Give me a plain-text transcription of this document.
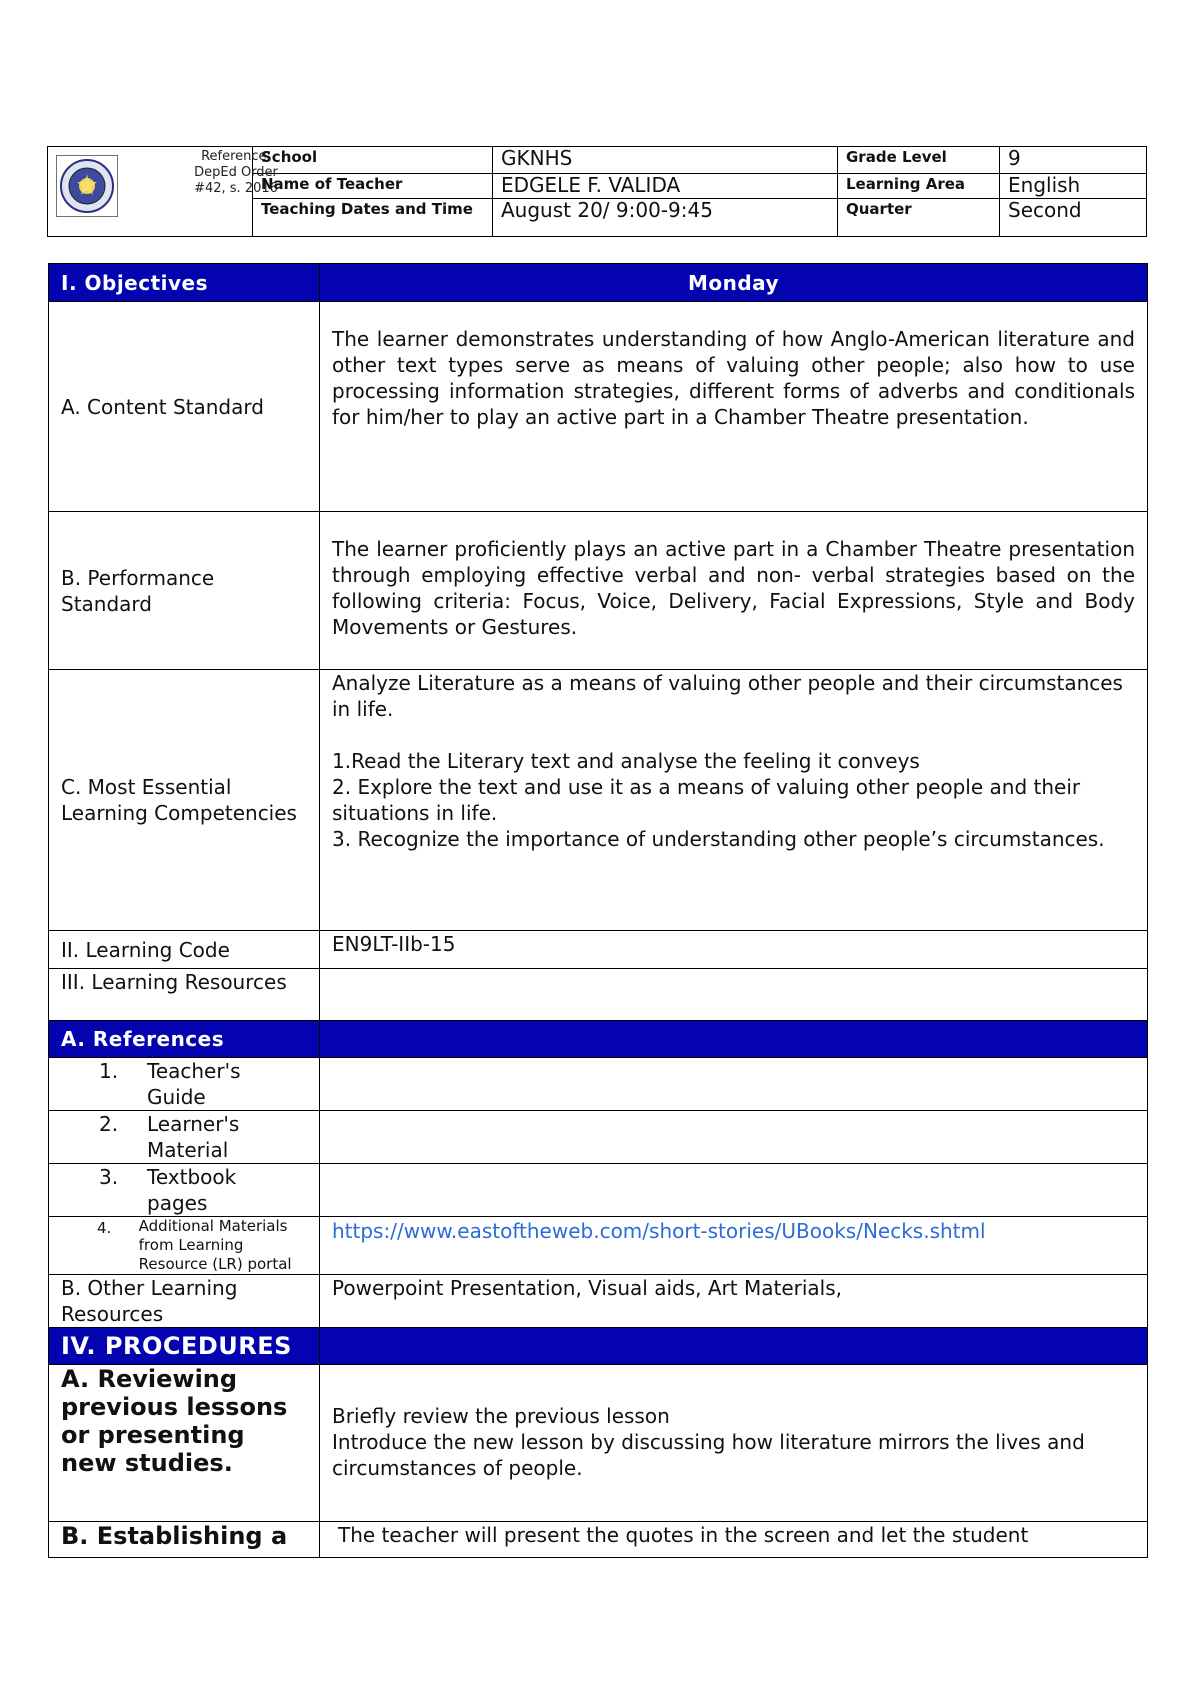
Reference:
DepEd Order
#42, s. 2016	School	GKNHS	Grade Level	9
	Name of Teacher	EDGELE F. VALIDA	Learning Area	English
	Teaching Dates and Time	August 20/ 9:00-9:45	Quarter	Second
I. Objectives	Monday
A. Content Standard	The learner demonstrates understanding of how Anglo-American literature and other text types serve as means of valuing other people; also how to use processing information strategies, different forms of adverbs and conditionals for him/her to play an active part in a Chamber Theatre presentation.
B. Performance Standard	The learner proficiently plays an active part in a Chamber Theatre presentation through employing effective verbal and non- verbal strategies based on the following criteria: Focus, Voice, Delivery, Facial Expressions, Style and Body Movements or Gestures.
C. Most Essential Learning Competencies	Analyze Literature as a means of valuing other people and their circumstances in life.
1.Read the Literary text and analyse the feeling it conveys
2. Explore the text and use it as a means of valuing other people and their situations in life.
3. Recognize the importance of understanding other people’s circumstances.

II. Learning Code	EN9LT-IIb-15
III. Learning Resources	
A. References	

1. Teacher's Guide	

2. Learner's Material	

3. Textbook pages	

4. Additional Materials from Learning Resource (LR) portal	https://www.eastoftheweb.com/short-stories/UBooks/Necks.shtml
B. Other Learning Resources	Powerpoint Presentation, Visual aids, Art Materials,
IV. PROCEDURES	
A. Reviewing previous lessons or presenting new studies.	Briefly review the previous lesson
Introduce the new lesson by discussing how literature mirrors the lives and circumstances of people.

B. Establishing a	The teacher will present the quotes in the screen and let the student
